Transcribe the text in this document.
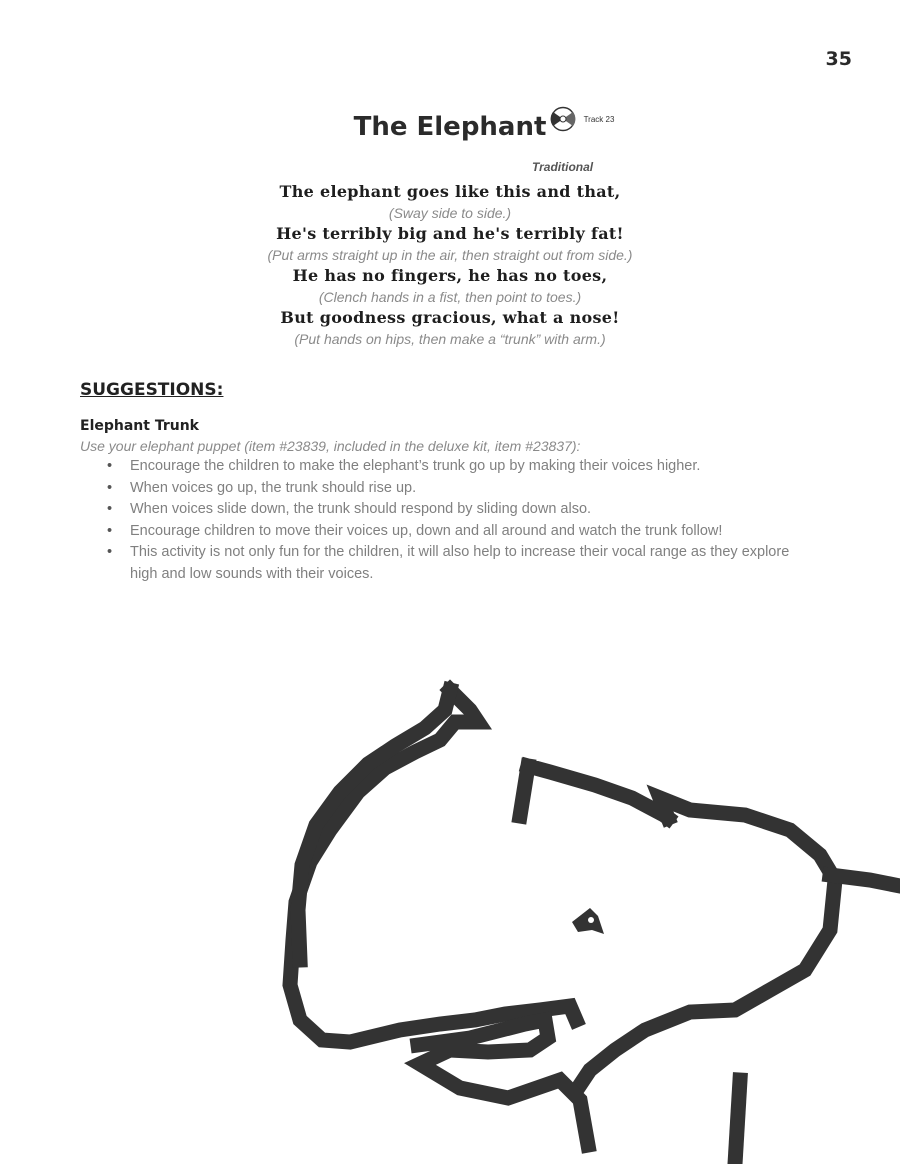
35
The Elephant	Track 23
Traditional
The elephant goes like this and that,
(Sway side to side.)
He's terribly big and he's terribly fat!
(Put arms straight up in the air, then straight out from side.)
He has no fingers, he has no toes,
(Clench hands in a fist, then point to toes.)
But goodness gracious, what a nose!
(Put hands on hips, then make a “trunk” with arm.)
SUGGESTIONS:
Elephant Trunk
Use your elephant puppet (item #23839, included in the deluxe kit, item #23837):
• Encourage the children to make the elephant’s trunk go up by making their voices higher.
• When voices go up, the trunk should rise up.
• When voices slide down, the trunk should respond by sliding down also.
• Encourage children to move their voices up, down and all around and watch the trunk follow!
• This activity is not only fun for the children, it will also help to increase their vocal range as they explore high and low sounds with their voices.
